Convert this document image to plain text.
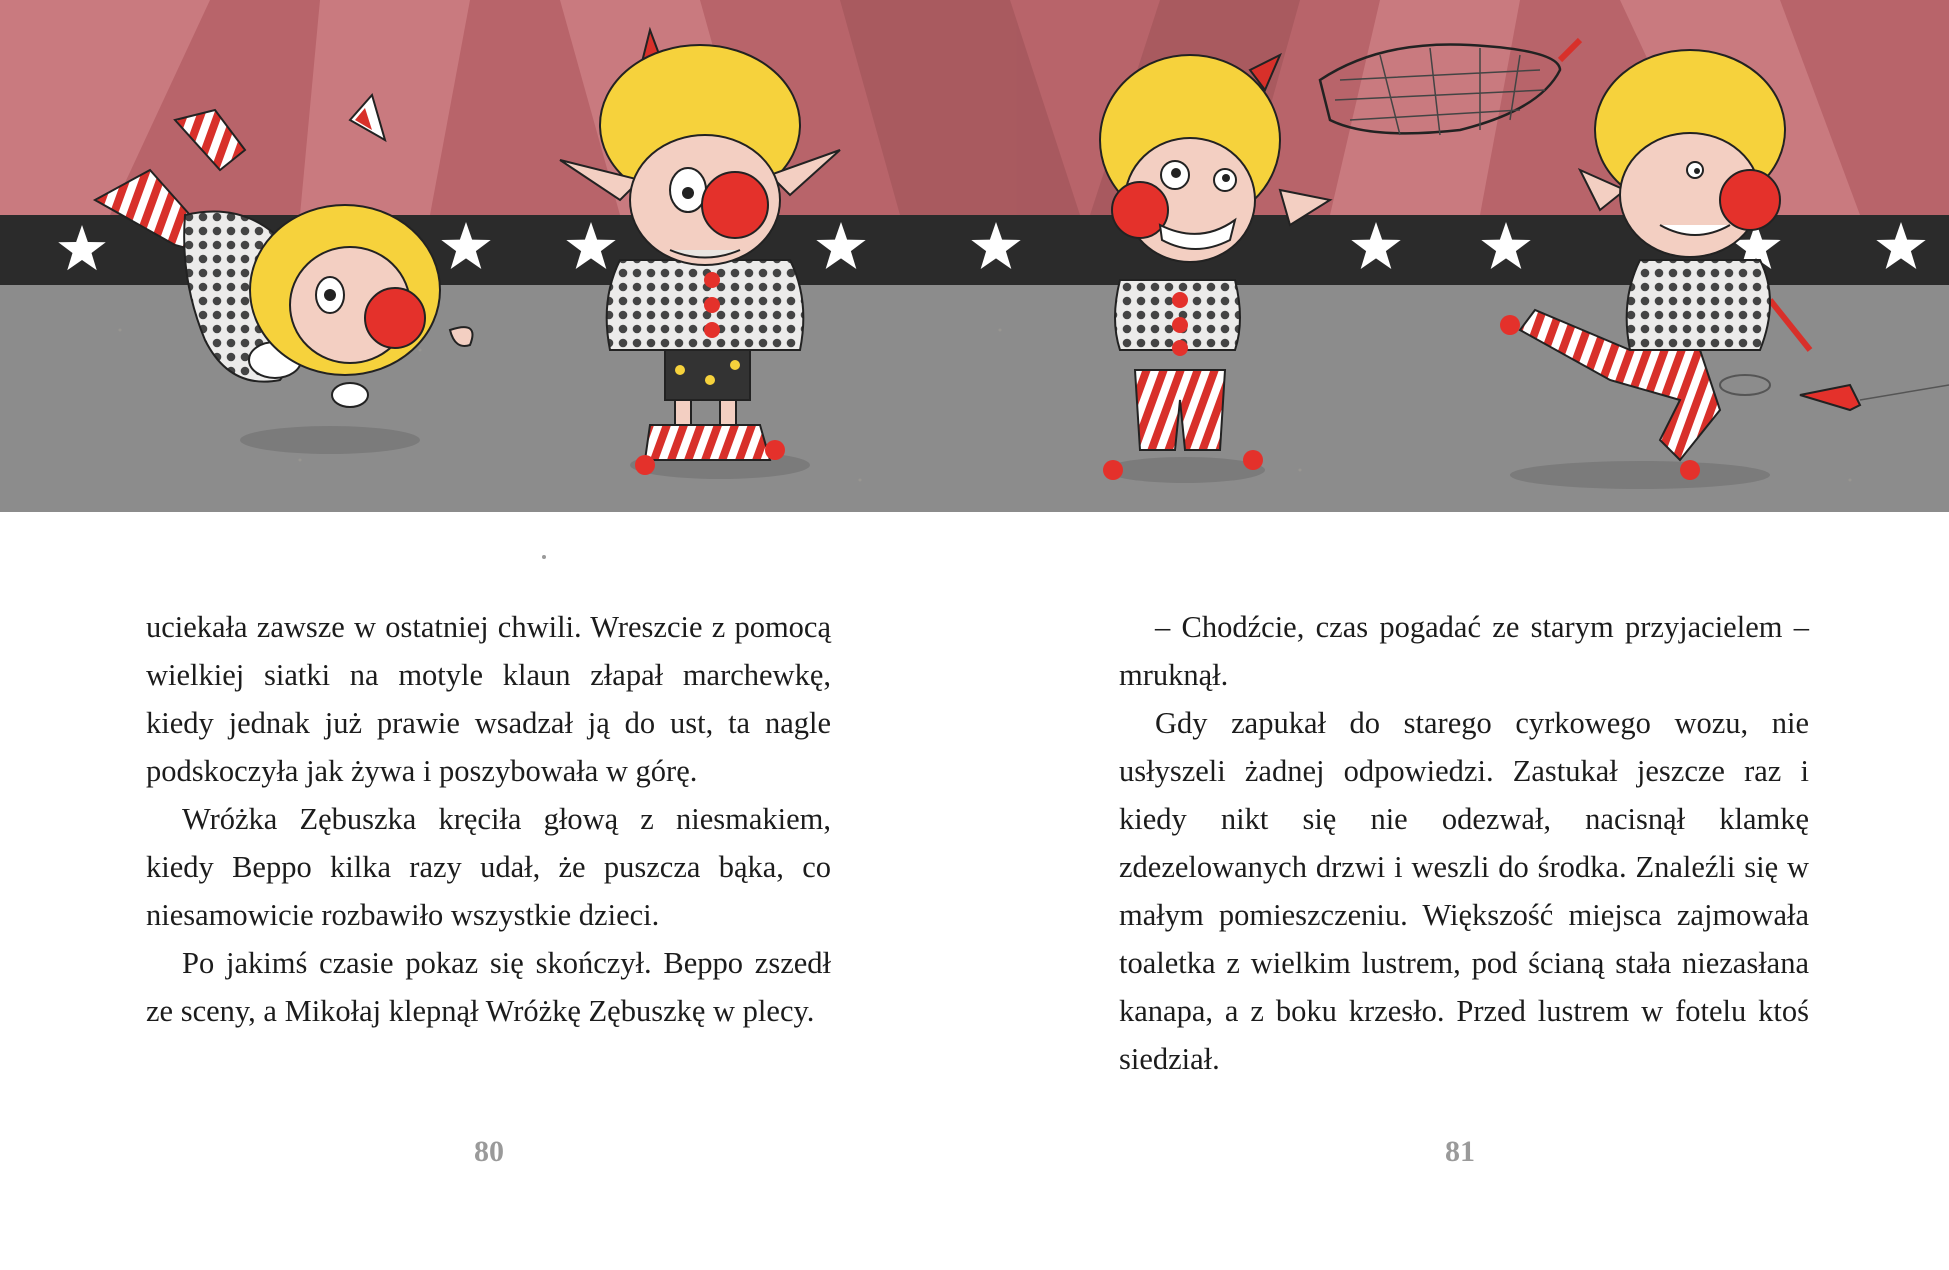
uciekała zawsze w ostatniej chwili. Wreszcie z pomocą wielkiej siatki na motyle klaun złapał marchewkę, kiedy jednak już prawie wsadzał ją do ust, ta nagle podskoczyła jak żywa i poszybowała w górę.

Wróżka Zębuszka kręciła głową z niesmakiem, kiedy Beppo kilka razy udał, że puszcza bąka, co niesamowicie rozbawiło wszystkie dzieci.

Po jakimś czasie pokaz się skończył. Beppo zszedł ze sceny, a Mikołaj klepnął Wróżkę Zębuszkę w plecy.

– Chodźcie, czas pogadać ze starym przyjacielem – mruknął.

Gdy zapukał do starego cyrkowego wozu, nie usłyszeli żadnej odpowiedzi. Zastukał jeszcze raz i kiedy nikt się nie odezwał, nacisnął klamkę zdezelowanych drzwi i weszli do środka. Znaleźli się w małym pomieszczeniu. Większość miejsca zajmowała toaletka z wielkim lustrem, pod ścianą stała niezasłana kanapa, a z boku krzesło. Przed lustrem w fotelu ktoś siedział.

80	81
